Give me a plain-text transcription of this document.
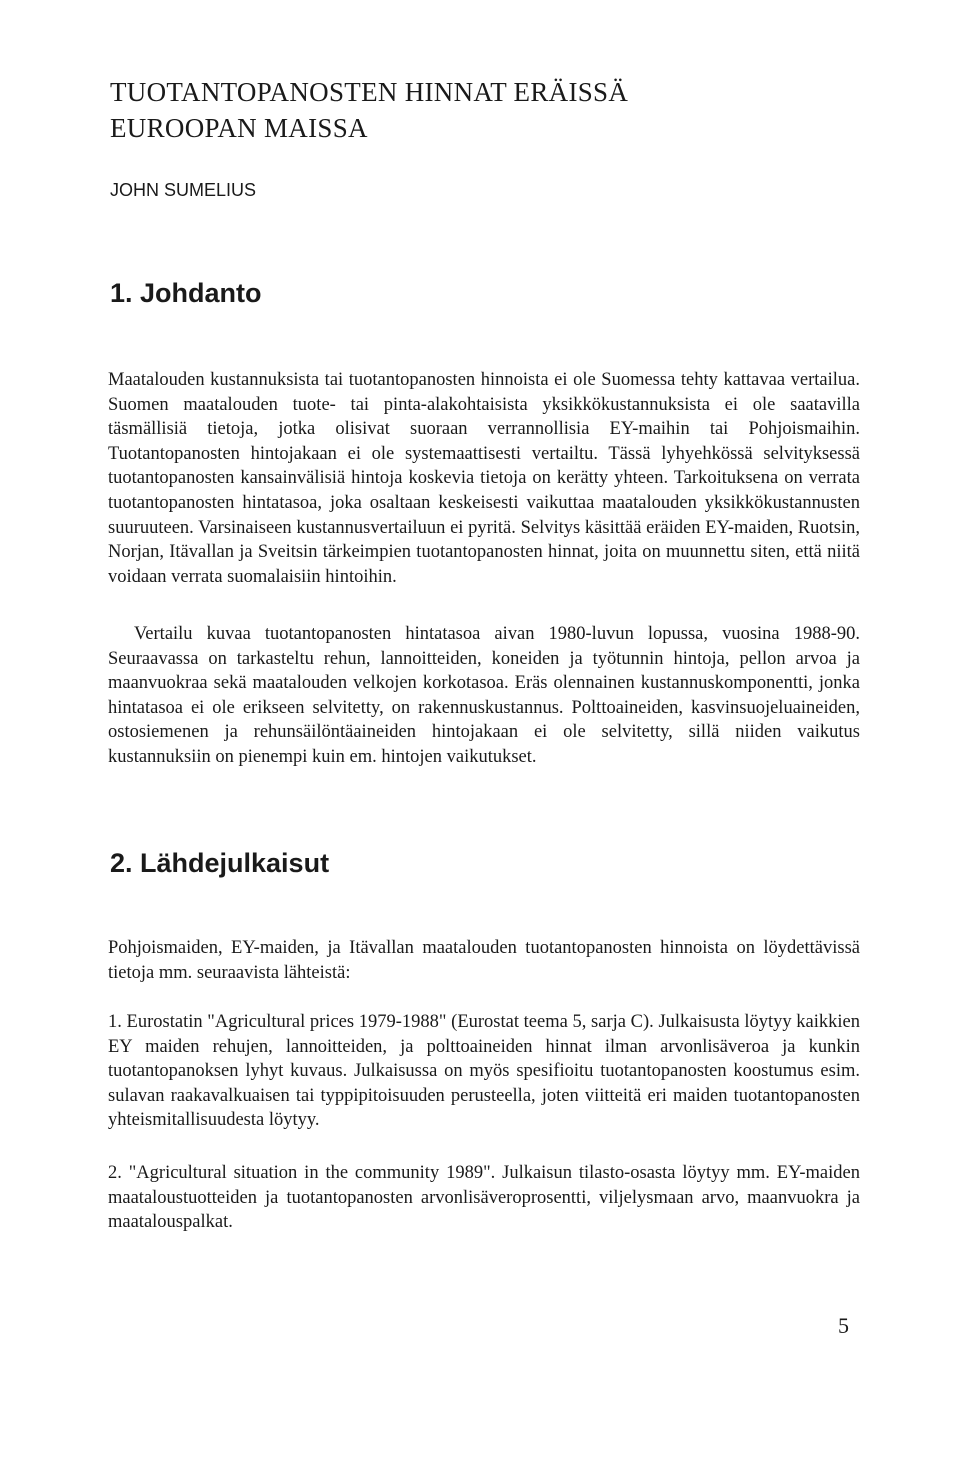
TUOTANTOPANOSTEN HINNAT ERÄISSÄ
EUROOPAN MAISSA

JOHN SUMELIUS

1. Johdanto

Maatalouden kustannuksista tai tuotantopanosten hinnoista ei ole Suomessa tehty kattavaa vertailua. Suomen maatalouden tuote- tai pinta-alakohtaisista yksikkökustannuksista ei ole saatavilla täsmällisiä tietoja, jotka olisivat suoraan verrannollisia EY-maihin tai Pohjoismaihin. Tuotantopanosten hintojakaan ei ole systemaattisesti vertailtu. Tässä lyhyehkössä selvityksessä tuotantopanosten kansainvälisiä hintoja koskevia tietoja on kerätty yhteen. Tarkoituksena on verrata tuotantopanosten hintatasoa, joka osaltaan keskeisesti vaikuttaa maatalouden yksikkökustannusten suuruuteen. Varsinaiseen kustannusvertailuun ei pyritä. Selvitys käsittää eräiden EY-maiden, Ruotsin, Norjan, Itävallan ja Sveitsin tärkeimpien tuotantopanosten hinnat, joita on muunnettu siten, että niitä voidaan verrata suomalaisiin hintoihin.

Vertailu kuvaa tuotantopanosten hintatasoa aivan 1980-luvun lopussa, vuosina 1988-90. Seuraavassa on tarkasteltu rehun, lannoitteiden, koneiden ja työtunnin hintoja, pellon arvoa ja maanvuokraa sekä maatalouden velkojen korkotasoa. Eräs olennainen kustannuskomponentti, jonka hintatasoa ei ole erikseen selvitetty, on rakennuskustannus. Polttoaineiden, kasvinsuojeluaineiden, ostosiemenen ja rehunsäilöntäaineiden hintojakaan ei ole selvitetty, sillä niiden vaikutus kustannuksiin on pienempi kuin em. hintojen vaikutukset.

2. Lähdejulkaisut

Pohjoismaiden, EY-maiden, ja Itävallan maatalouden tuotantopanosten hinnoista on löydettävissä tietoja mm. seuraavista lähteistä:

1. Eurostatin "Agricultural prices 1979-1988" (Eurostat teema 5, sarja C). Julkaisusta löytyy kaikkien EY maiden rehujen, lannoitteiden, ja polttoaineiden hinnat ilman arvonlisäveroa ja kunkin tuotantopanoksen lyhyt kuvaus. Julkaisussa on myös spesifioitu tuotantopanosten koostumus esim. sulavan raakavalkuaisen tai typpipitoisuuden perusteella, joten viitteitä eri maiden tuotantopanosten yhteismitallisuudesta löytyy.

2. "Agricultural situation in the community 1989". Julkaisun tilasto-osasta löytyy mm. EY-maiden maataloustuotteiden ja tuotantopanosten arvonlisäveroprosentti, viljelysmaan arvo, maanvuokra ja maatalouspalkat.

5
